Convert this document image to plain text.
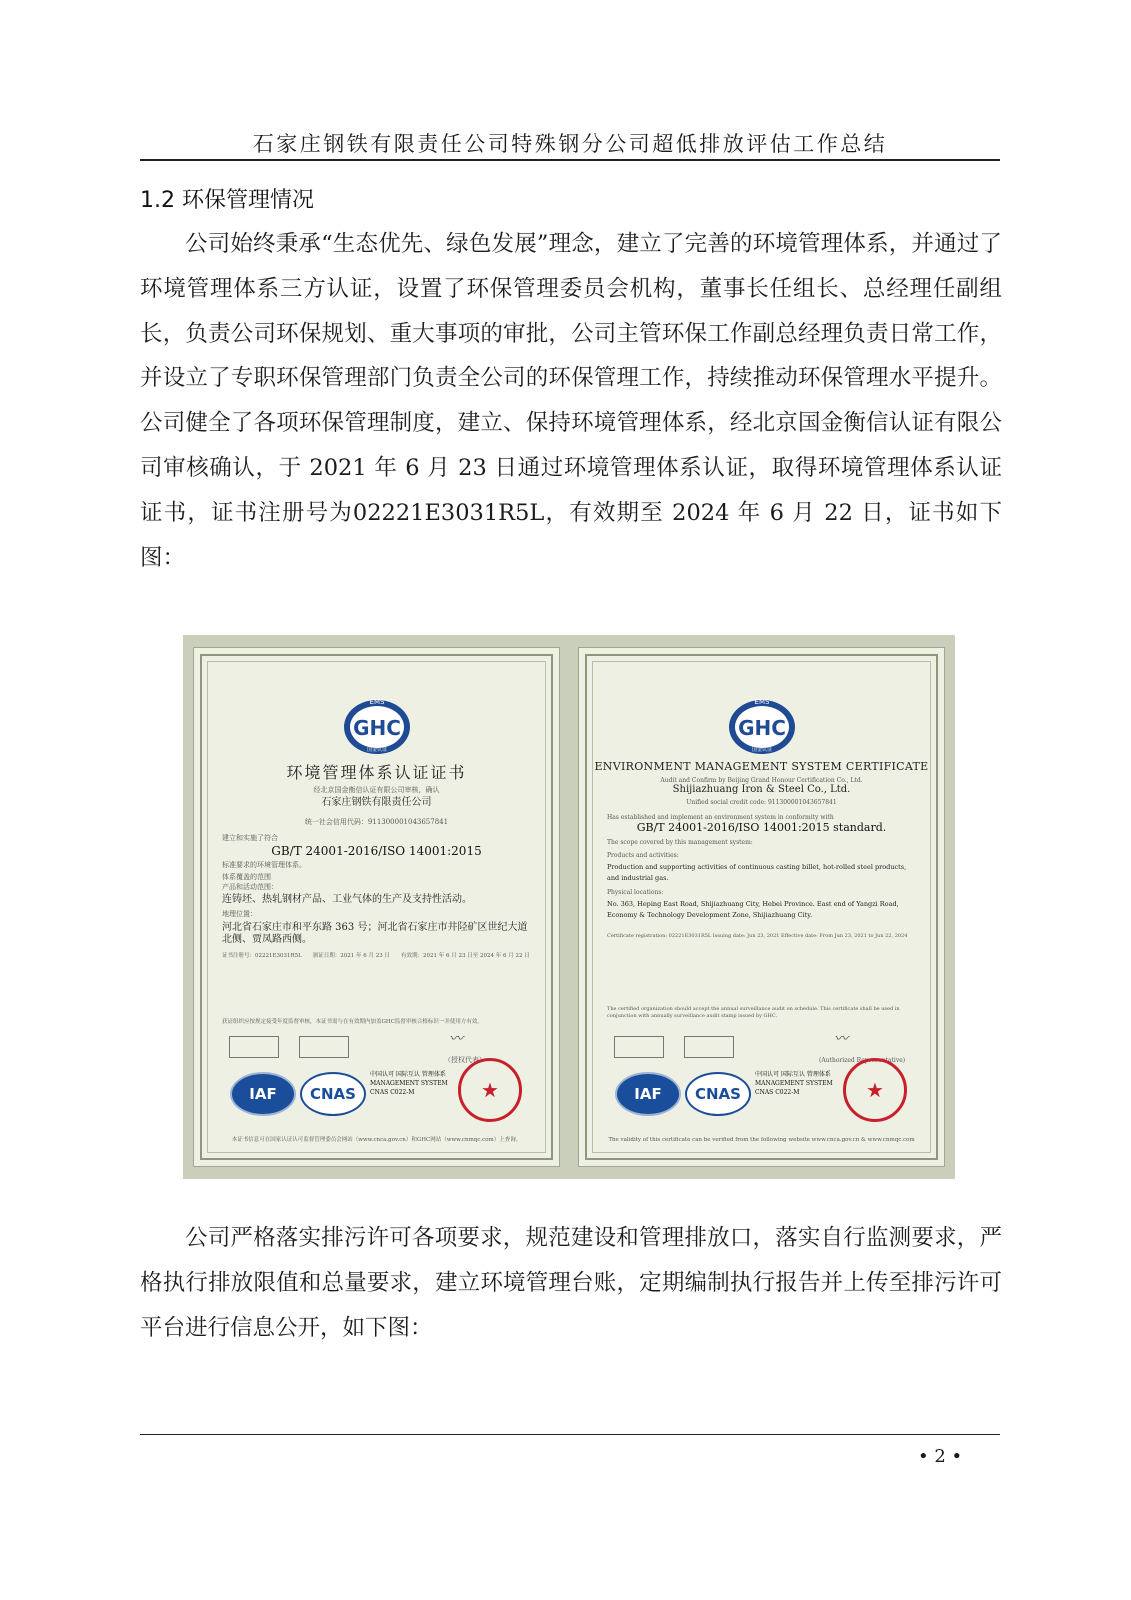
石家庄钢铁有限责任公司特殊钢分公司超低排放评估工作总结
1.2 环保管理情况

公司始终秉承“生态优先、绿色发展”理念，建立了完善的环境管理体系，并通过了环境管理体系三方认证，设置了环保管理委员会机构，董事长任组长、总经理任副组长，负责公司环保规划、重大事项的审批，公司主管环保工作副总经理负责日常工作，并设立了专职环保管理部门负责全公司的环保管理工作，持续推动环保管理水平提升。公司健全了各项环保管理制度，建立、保持环境管理体系，经北京国金衡信认证有限公司审核确认，于 2021 年 6 月 23 日通过环境管理体系认证，取得环境管理体系认证证书，证书注册号为02221E3031R5L，有效期至 2024 年 6 月 22 日，证书如下图：

EMS
GHC
国金认证
环境管理体系认证证书
经北京国金衡信认证有限公司审核，确认
石家庄钢铁有限责任公司
统一社会信用代码：911300001043657841
建立和实施了符合
GB/T 24001-2016/ISO 14001:2015
标准要求的环境管理体系。
体系覆盖的范围
产品和活动范围：
连铸坯、热轧钢材产品、工业气体的生产及支持性活动。
地理位置：
河北省石家庄市和平东路 363 号；河北省石家庄市井陉矿区世纪大道北侧、贾凤路西侧。
证书注册号：02221E3031R5L　　颁证日期：2021 年 6 月 23 日　　有效期：2021 年 6 月 23 日至 2024 年 6 月 22 日
获证组织应按规定接受年度监督审核，本证书需与在有效期内加盖GHC监督审核合格标识一并使用方有效。
〰
（授权代表）
IAF	CNAS
中国认可 国际互认 管理体系 MANAGEMENT SYSTEM CNAS C022-M	★
本证书信息可在国家认证认可监督管理委员会网站（www.cnca.gov.cn）和GHC网站（www.cnmqc.com）上查询。
EMS
GHC
国金认证
ENVIRONMENT MANAGEMENT SYSTEM CERTIFICATE
Audit and Confirm by Beijing Grand Honour Certification Co., Ltd.
Shijiazhuang Iron & Steel Co., Ltd.
Unified social credit code: 911300001043657841
Has established and implement an environment system in conformity with
GB/T 24001-2016/ISO 14001:2015 standard.
The scope covered by this management system:
Products and activities:
Production and supporting activities of continuous casting billet, hot-rolled steel products, and industrial gas.
Physical locations:
No. 363, Heping East Road, Shijiazhuang City, Hebei Province. East end of Yangzi Road, Economy & Technology Development Zone, Shijiazhuang City.
Certificate registration: 02221E3031R5L Issuing date: Jun 23, 2021 Effective date: From Jun 23, 2021 to Jun 22, 2024
The certified organization should accept the annual surveillance audit on schedule. This certificate shall be used in conjunction with annually surveillance audit stamp issued by GHC.
〰
(Authorized Representative)
IAF	CNAS
中国认可 国际互认 管理体系 MANAGEMENT SYSTEM CNAS C022-M	★
The validity of this certificate can be verified from the following website www.cnca.gov.cn & www.cnmqc.com

公司严格落实排污许可各项要求，规范建设和管理排放口，落实自行监测要求，严格执行排放限值和总量要求，建立环境管理台账，定期编制执行报告并上传至排污许可平台进行信息公开，如下图：

• 2 •
